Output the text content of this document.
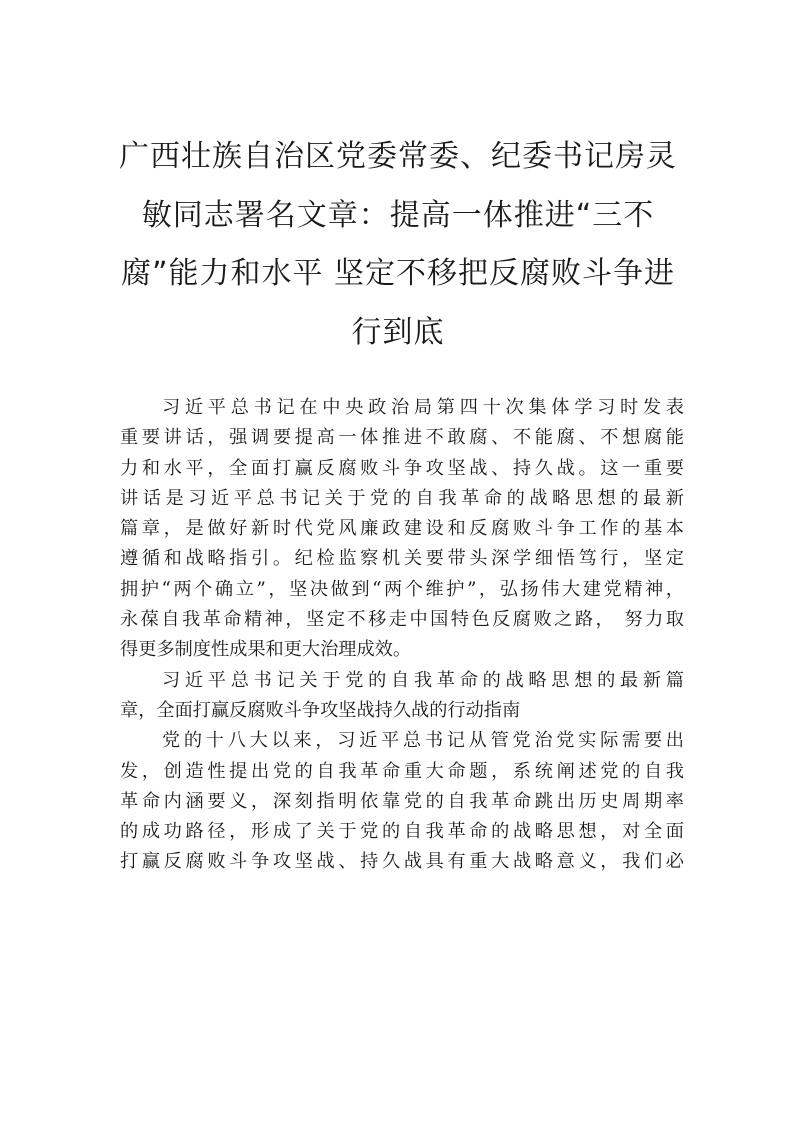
广西壮族自治区党委常委、纪委书记房灵
敏同志署名文章：提高一体推进“三不
腐”能力和水平 坚定不移把反腐败斗争进
行到底
习近平总书记在中央政治局第四十次集体学习时发表
重要讲话，强调要提高一体推进不敢腐、不能腐、不想腐能
力和水平，全面打赢反腐败斗争攻坚战、持久战。这一重要
讲话是习近平总书记关于党的自我革命的战略思想的最新
篇章，是做好新时代党风廉政建设和反腐败斗争工作的基本
遵循和战略指引。纪检监察机关要带头深学细悟笃行，坚定
拥护“两个确立”，坚决做到“两个维护”，弘扬伟大建党精神，
永葆自我革命精神，坚定不移走中国特色反腐败之路， 努力取
得更多制度性成果和更大治理成效。
习近平总书记关于党的自我革命的战略思想的最新篇
章，全面打赢反腐败斗争攻坚战持久战的行动指南
党的十八大以来，习近平总书记从管党治党实际需要出
发，创造性提出党的自我革命重大命题，系统阐述党的自我
革命内涵要义，深刻指明依靠党的自我革命跳出历史周期率
的成功路径，形成了关于党的自我革命的战略思想，对全面
打赢反腐败斗争攻坚战、持久战具有重大战略意义，我们必
